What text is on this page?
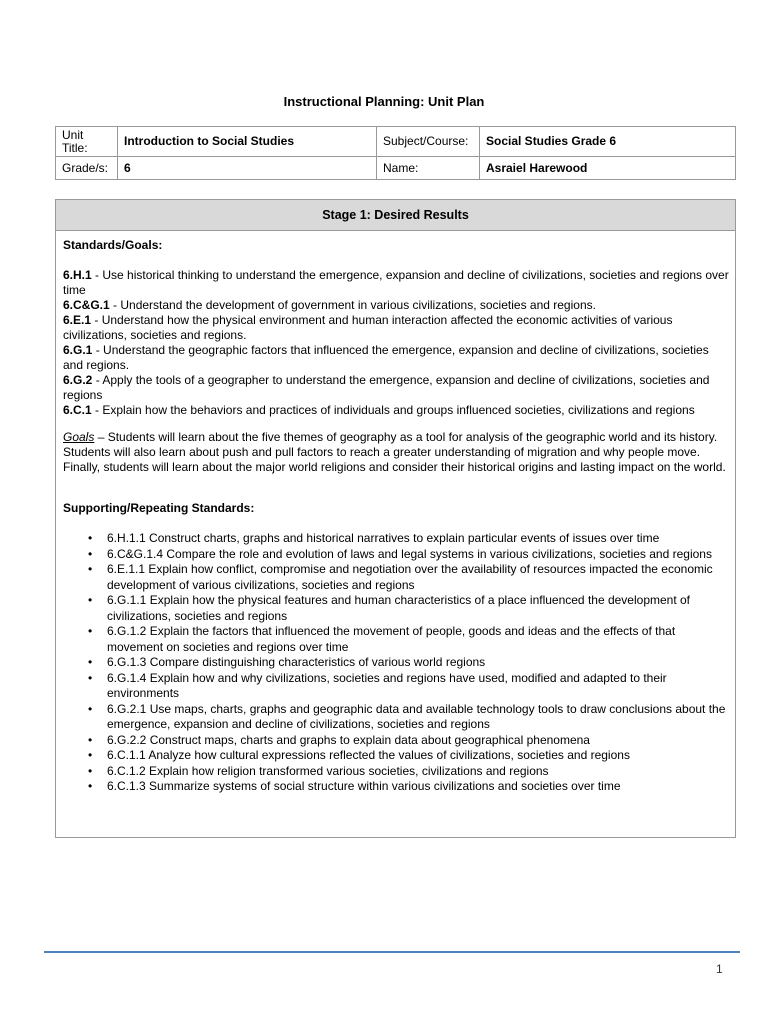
Instructional Planning: Unit Plan
Unit Title:	Introduction to Social Studies	Subject/Course:	Social Studies Grade 6
Grade/s:	6	Name:	Asraiel Harewood
Stage 1: Desired Results

Standards/Goals:

6.H.1 - Use historical thinking to understand the emergence, expansion and decline of civilizations, societies and regions over time

6.C&G.1 - Understand the development of government in various civilizations, societies and regions.

6.E.1 - Understand how the physical environment and human interaction affected the economic activities of various civilizations, societies and regions.

6.G.1 - Understand the geographic factors that influenced the emergence, expansion and decline of civilizations, societies and regions.

6.G.2 - Apply the tools of a geographer to understand the emergence, expansion and decline of civilizations, societies and regions

6.C.1 - Explain how the behaviors and practices of individuals and groups influenced societies, civilizations and regions

Goals – Students will learn about the five themes of geography as a tool for analysis of the geographic world and its history. Students will also learn about push and pull factors to reach a greater understanding of migration and why people move. Finally, students will learn about the major world religions and consider their historical origins and lasting impact on the world.

Supporting/Repeating Standards:

• 6.H.1.1 Construct charts, graphs and historical narratives to explain particular events of issues over time
• 6.C&G.1.4 Compare the role and evolution of laws and legal systems in various civilizations, societies and regions
• 6.E.1.1 Explain how conflict, compromise and negotiation over the availability of resources impacted the economic development of various civilizations, societies and regions
• 6.G.1.1 Explain how the physical features and human characteristics of a place influenced the development of civilizations, societies and regions
• 6.G.1.2 Explain the factors that influenced the movement of people, goods and ideas and the effects of that movement on societies and regions over time
• 6.G.1.3 Compare distinguishing characteristics of various world regions
• 6.G.1.4 Explain how and why civilizations, societies and regions have used, modified and adapted to their environments
• 6.G.2.1 Use maps, charts, graphs and geographic data and available technology tools to draw conclusions about the emergence, expansion and decline of civilizations, societies and regions
• 6.G.2.2 Construct maps, charts and graphs to explain data about geographical phenomena
• 6.C.1.1 Analyze how cultural expressions reflected the values of civilizations, societies and regions
• 6.C.1.2 Explain how religion transformed various societies, civilizations and regions
• 6.C.1.3 Summarize systems of social structure within various civilizations and societies over time
1
